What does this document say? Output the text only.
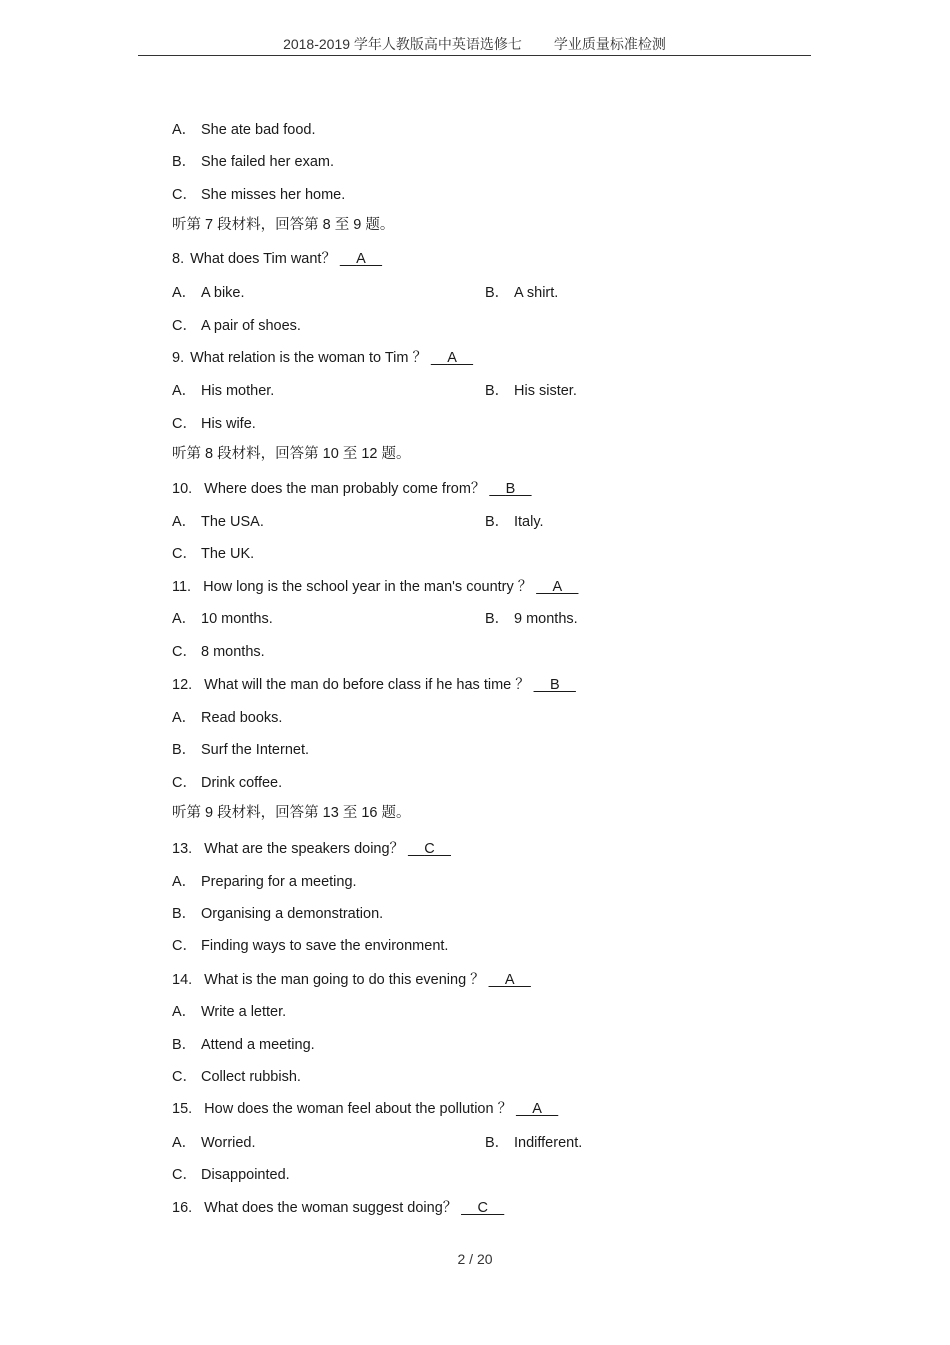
2018-2019 学年人教版高中英语选修七 学业质量标准检测
A． She ate bad food.
B． She failed her exam.
C． She misses her home.
听第 7 段材料，回答第 8 至 9 题。
8. What does Tim want？ __A__
A． A bike.	B． A shirt.
C． A pair of shoes.
9. What relation is the woman to Tim ？ __A__
A． His mother.	B． His sister.
C． His wife.
听第 8 段材料，回答第 10 至 12 题。
10. Where does the man probably come from？ __B__
A． The USA.	B． Italy.
C． The UK.
11. How long is the school year in the man's country ？ __A__
A． 10 months.	B． 9 months.
C． 8 months.
12. What will the man do before class if he has time ？ __B__
A． Read books.
B． Surf the Internet.
C． Drink coffee.
听第 9 段材料，回答第 13 至 16 题。
13. What are the speakers doing？ __C__
A． Preparing for a meeting.
B． Organising a demonstration.
C． Finding ways to save the environment.
14. What is the man going to do this evening ？ __A__
A． Write a letter.
B． Attend a meeting.
C． Collect rubbish.
15. How does the woman feel about the pollution ？ __A__
A． Worried.	B． Indifferent.
C． Disappointed.
16. What does the woman suggest doing？ __C__
2 / 20
